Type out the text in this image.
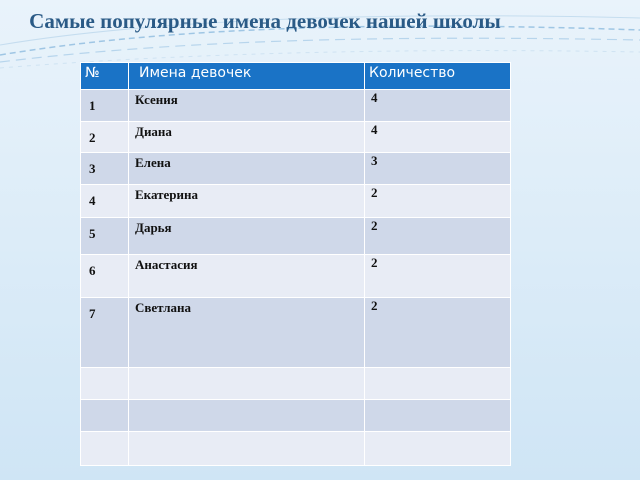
Самые популярные имена девочек нашей школы
№	Имена девочек	Количество
1	Ксения	4
2	Диана	4
3	Елена	3
4	Екатерина	2
5	Дарья	2
6	Анастасия	2
7	Светлана	2
